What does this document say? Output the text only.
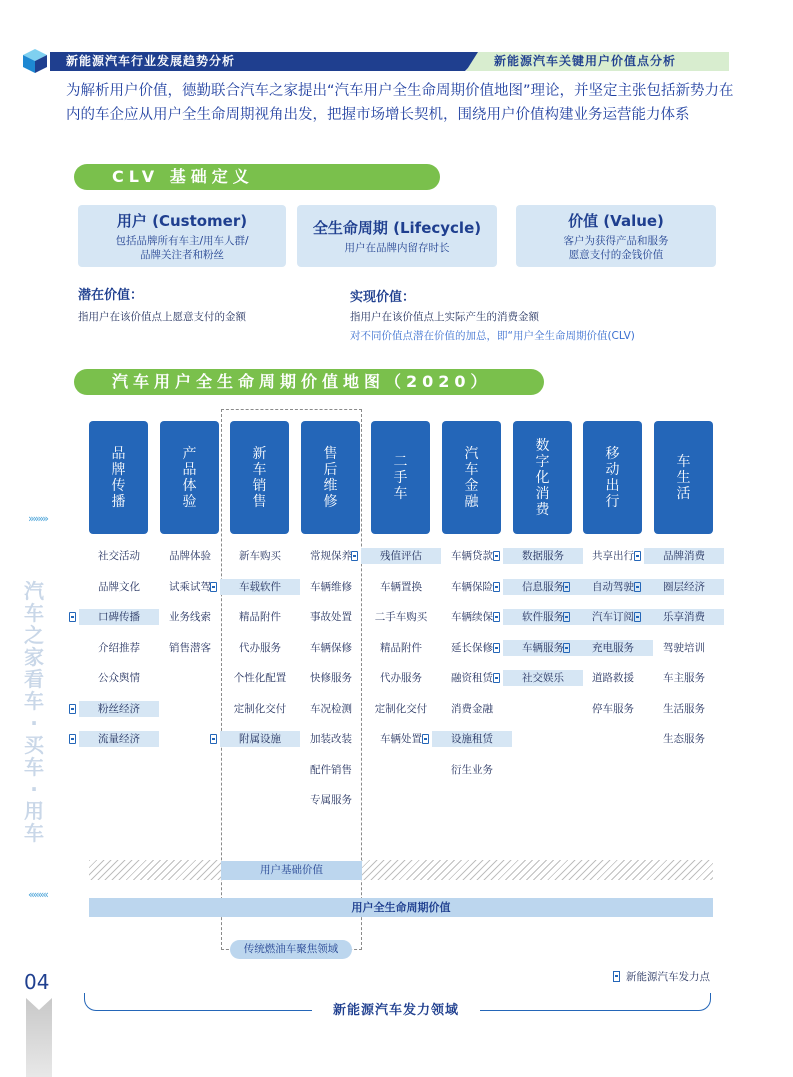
新能源汽车行业发展趋势分析	新能源汽车关键用户价值点分析

为解析用户价值，德勤联合汽车之家提出“汽车用户全生命周期价值地图”理论，并坚定主张包括新势力在内的车企应从用户全生命周期视角出发，把握市场增长契机，围绕用户价值构建业务运营能力体系

CLV 基础定义
用户 (Customer)
包括品牌所有车主/用车人群/
品牌关注者和粉丝
全生命周期 (Lifecycle)
用户在品牌内留存时长
价值 (Value)
客户为获得产品和服务
愿意支付的金钱价值
潜在价值：
指用户在该价值点上愿意支付的金额
实现价值：
指用户在该价值点上实际产生的消费金额
对不同价值点潜在价值的加总，即“用户全生命周期价值(CLV)
汽车用户全生命周期价值地图（2020）
品牌传播
社交活动
品牌文化
口碑传播
介绍推荐
公众舆情
粉丝经济
流量经济
产品体验
品牌体验
试乘试驾
业务线索
销售潜客
新车销售
新车购买
车载软件
精品附件
代办服务
个性化配置
定制化交付
附属设施
售后维修
常规保养
车辆维修
事故处置
车辆保修
快修服务
车况检测
加装改装
配件销售
专属服务
二手车
残值评估
车辆置换
二手车购买
精品附件
代办服务
定制化交付
车辆处置
汽车金融
车辆贷款
车辆保险
车辆续保
延长保修
融资租赁
消费金融
设施租赁
衍生业务
数字化消费
数据服务
信息服务
软件服务
车辆服务
社交娱乐
移动出行
共享出行
自动驾驶
汽车订阅
充电服务
道路救援
停车服务
车生活
品牌消费
圈层经济
乐享消费
驾驶培训
车主服务
生活服务
生态服务
用户基础价值
用户全生命周期价值
传统燃油车聚焦领域
新能源汽车发力点
新能源汽车发力领域
»»»»
汽车之家 看车·买车·用车
««««
04
